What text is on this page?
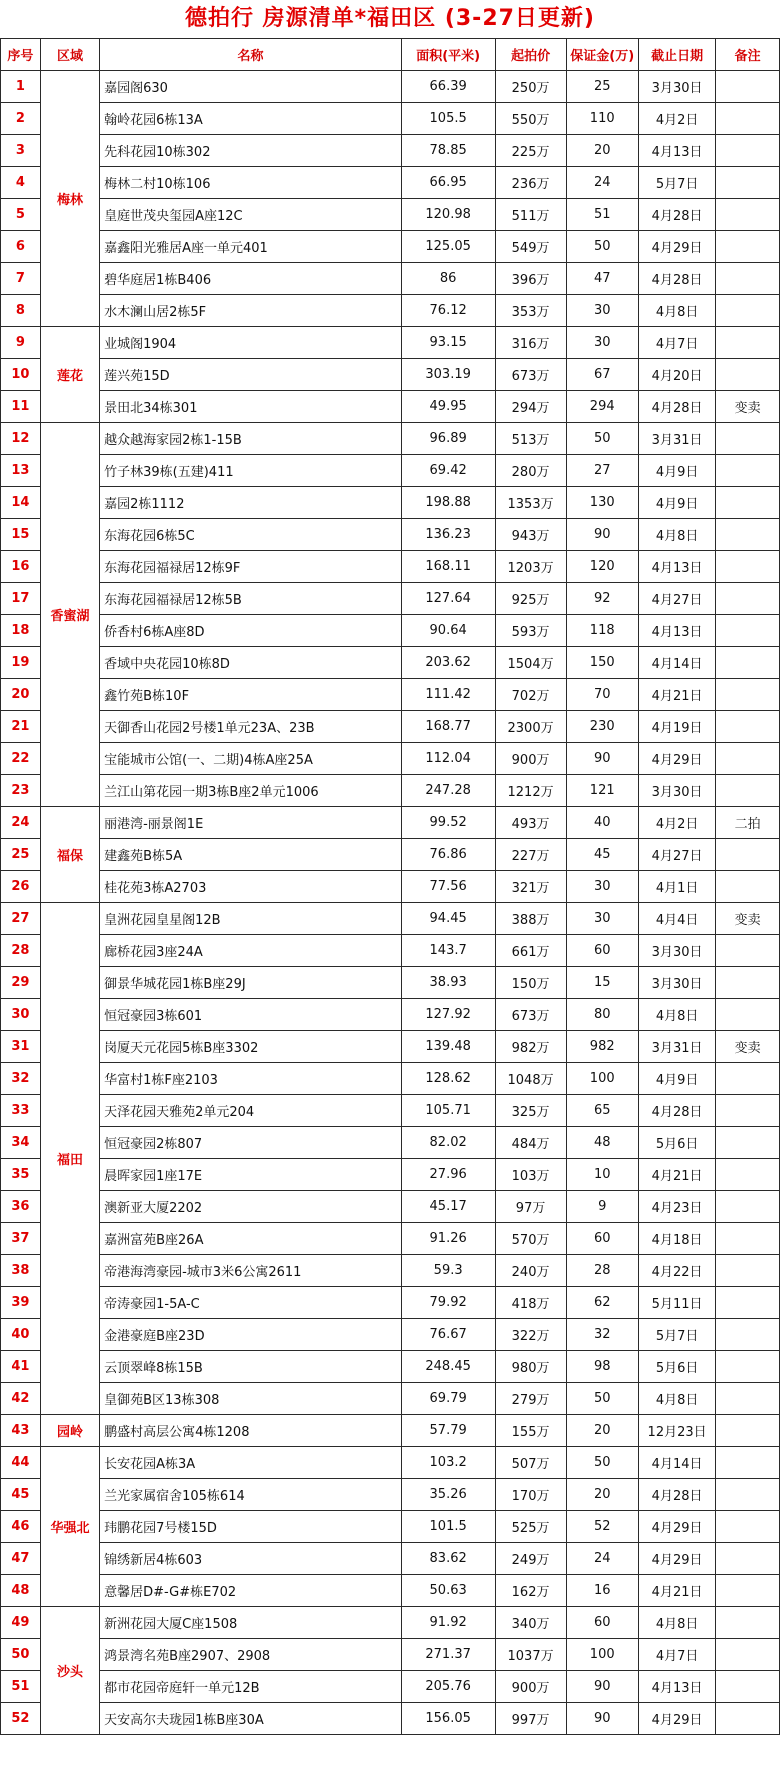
德拍行 房源清单*福田区 (3-27日更新)
序号	区域	名称	面积(平米)	起拍价	保证金(万)	截止日期	备注
1	梅林	嘉园阁630	66.39	250万	25	3月30日	
2		翰岭花园6栋13A	105.5	550万	110	4月2日	
3		先科花园10栋302	78.85	225万	20	4月13日	
4		梅林二村10栋106	66.95	236万	24	5月7日	
5		皇庭世茂央玺园A座12C	120.98	511万	51	4月28日	
6		嘉鑫阳光雅居A座一单元401	125.05	549万	50	4月29日	
7		碧华庭居1栋B406	86	396万	47	4月28日	
8		水木澜山居2栋5F	76.12	353万	30	4月8日	
9	莲花	业城阁1904	93.15	316万	30	4月7日	
10		莲兴苑15D	303.19	673万	67	4月20日	
11		景田北34栋301	49.95	294万	294	4月28日	变卖
12	香蜜湖	越众越海家园2栋1-15B	96.89	513万	50	3月31日	
13		竹子林39栋(五建)411	69.42	280万	27	4月9日	
14		嘉园2栋1112	198.88	1353万	130	4月9日	
15		东海花园6栋5C	136.23	943万	90	4月8日	
16		东海花园福禄居12栋9F	168.11	1203万	120	4月13日	
17		东海花园福禄居12栋5B	127.64	925万	92	4月27日	
18		侨香村6栋A座8D	90.64	593万	118	4月13日	
19		香域中央花园10栋8D	203.62	1504万	150	4月14日	
20		鑫竹苑B栋10F	111.42	702万	70	4月21日	
21		天御香山花园2号楼1单元23A、23B	168.77	2300万	230	4月19日	
22		宝能城市公馆(一、二期)4栋A座25A	112.04	900万	90	4月29日	
23		兰江山第花园一期3栋B座2单元1006	247.28	1212万	121	3月30日	
24	福保	丽港湾-丽景阁1E	99.52	493万	40	4月2日	二拍
25		建鑫苑B栋5A	76.86	227万	45	4月27日	
26		桂花苑3栋A2703	77.56	321万	30	4月1日	
27	福田	皇洲花园皇星阁12B	94.45	388万	30	4月4日	变卖
28		廊桥花园3座24A	143.7	661万	60	3月30日	
29		御景华城花园1栋B座29J	38.93	150万	15	3月30日	
30		恒冠豪园3栋601	127.92	673万	80	4月8日	
31		岗厦天元花园5栋B座3302	139.48	982万	982	3月31日	变卖
32		华富村1栋F座2103	128.62	1048万	100	4月9日	
33		天泽花园天雅苑2单元204	105.71	325万	65	4月28日	
34		恒冠豪园2栋807	82.02	484万	48	5月6日	
35		晨晖家园1座17E	27.96	103万	10	4月21日	
36		澳新亚大厦2202	45.17	97万	9	4月23日	
37		嘉洲富苑B座26A	91.26	570万	60	4月18日	
38		帝港海湾豪园-城市3米6公寓2611	59.3	240万	28	4月22日	
39		帝涛豪园1-5A-C	79.92	418万	62	5月11日	
40		金港豪庭B座23D	76.67	322万	32	5月7日	
41		云顶翠峰8栋15B	248.45	980万	98	5月6日	
42		皇御苑B区13栋308	69.79	279万	50	4月8日	
43	园岭	鹏盛村高层公寓4栋1208	57.79	155万	20	12月23日	
44	华强北	长安花园A栋3A	103.2	507万	50	4月14日	
45		兰光家属宿舍105栋614	35.26	170万	20	4月28日	
46		玮鹏花园7号楼15D	101.5	525万	52	4月29日	
47		锦绣新居4栋603	83.62	249万	24	4月29日	
48		意馨居D#-G#栋E702	50.63	162万	16	4月21日	
49	沙头	新洲花园大厦C座1508	91.92	340万	60	4月8日	
50		鸿景湾名苑B座2907、2908	271.37	1037万	100	4月7日	
51		都市花园帝庭轩一单元12B	205.76	900万	90	4月13日	
52		天安高尔夫珑园1栋B座30A	156.05	997万	90	4月29日	
